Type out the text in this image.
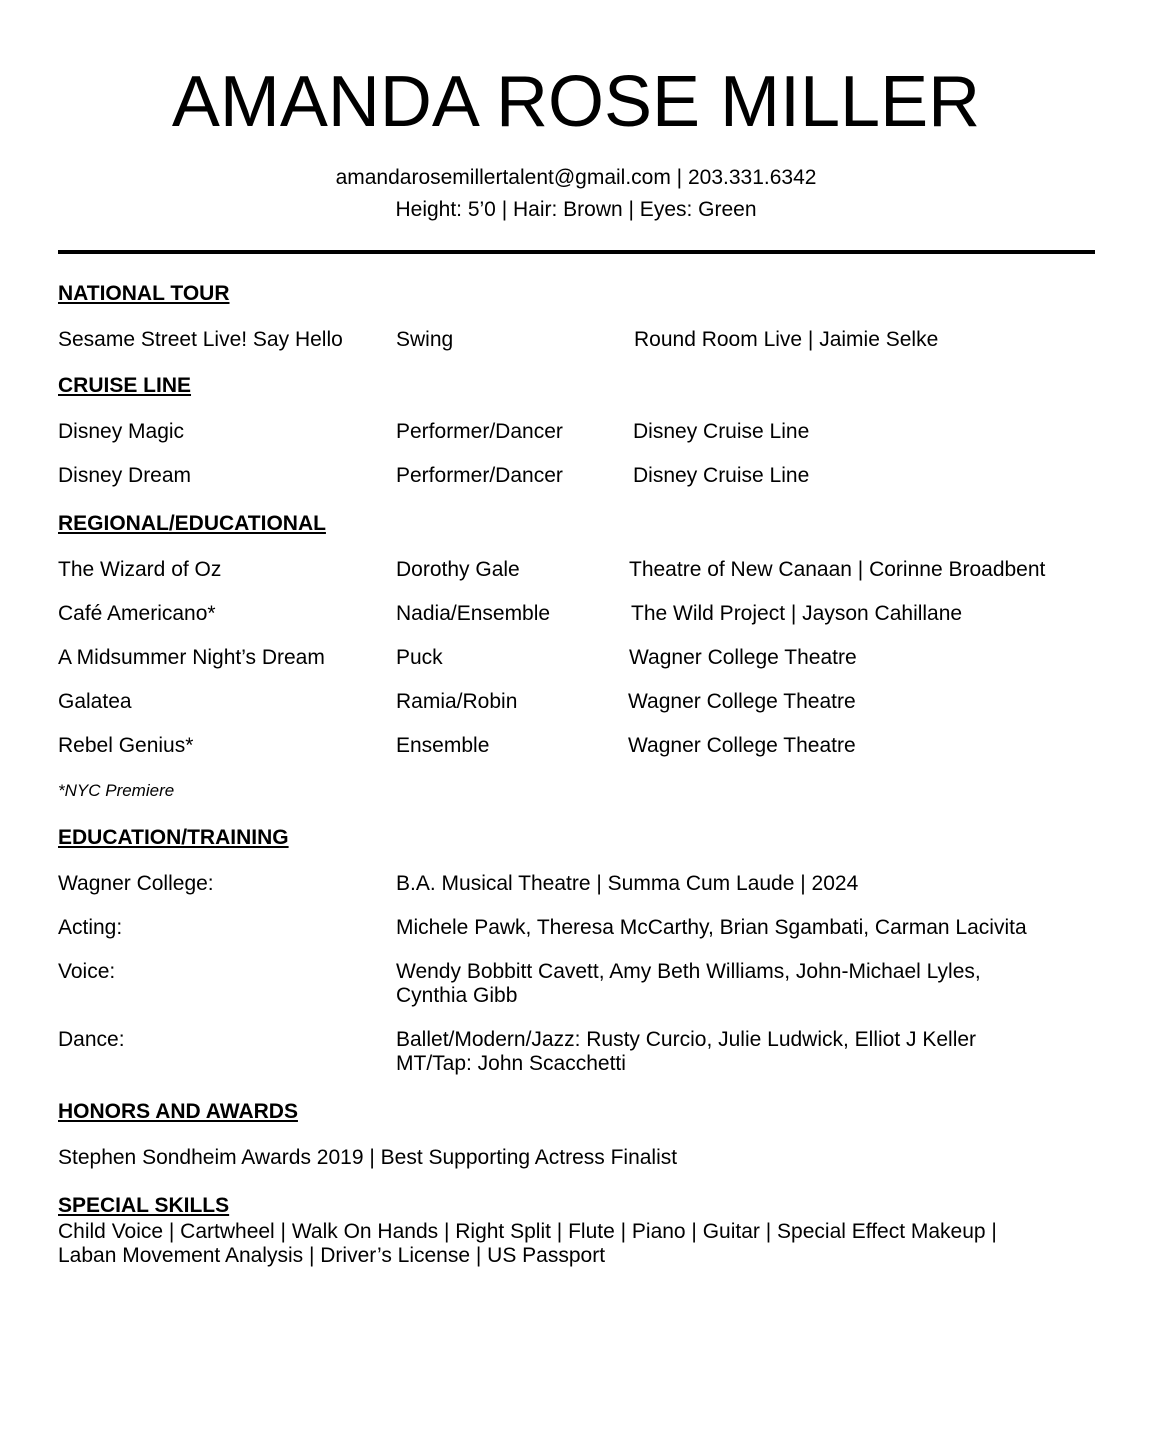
AMANDA ROSE MILLER
amandarosemillertalent@gmail.com | 203.331.6342
Height: 5’0 | Hair: Brown | Eyes: Green
NATIONAL TOUR
Sesame Street Live! Say Hello	Swing	Round Room Live | Jaimie Selke
CRUISE LINE
Disney Magic	Performer/Dancer	Disney Cruise Line
Disney Dream	Performer/Dancer	Disney Cruise Line
REGIONAL/EDUCATIONAL
The Wizard of Oz	Dorothy Gale	Theatre of New Canaan | Corinne Broadbent
Café Americano*	Nadia/Ensemble	The Wild Project | Jayson Cahillane
A Midsummer Night’s Dream	Puck	Wagner College Theatre
Galatea	Ramia/Robin	Wagner College Theatre
Rebel Genius*	Ensemble	Wagner College Theatre
*NYC Premiere
EDUCATION/TRAINING
Wagner College:	B.A. Musical Theatre | Summa Cum Laude | 2024
Acting:	Michele Pawk, Theresa McCarthy, Brian Sgambati, Carman Lacivita
Voice:	Wendy Bobbitt Cavett, Amy Beth Williams, John-Michael Lyles,
Cynthia Gibb
Dance:	Ballet/Modern/Jazz: Rusty Curcio, Julie Ludwick, Elliot J Keller
MT/Tap: John Scacchetti
HONORS AND AWARDS
Stephen Sondheim Awards 2019 | Best Supporting Actress Finalist
SPECIAL SKILLS
Child Voice | Cartwheel | Walk On Hands | Right Split | Flute | Piano | Guitar | Special Effect Makeup |
Laban Movement Analysis | Driver’s License | US Passport
